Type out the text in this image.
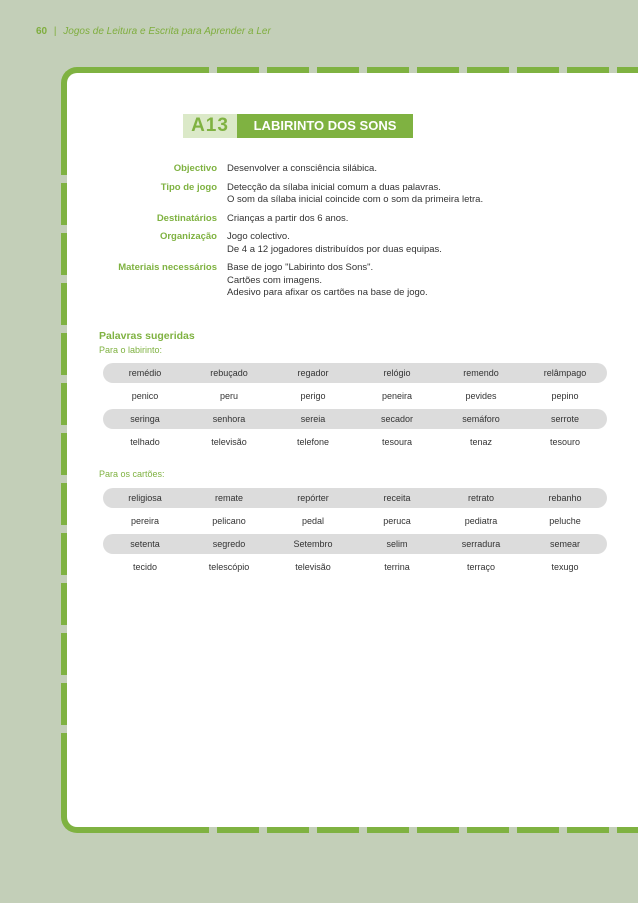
60 | Jogos de Leitura e Escrita para Aprender a Ler
A13	LABIRINTO DOS SONS
Objectivo	Desenvolver a consciência silábica.
Tipo de jogo	Detecção da sílaba inicial comum a duas palavras.
O som da sílaba inicial coincide com o som da primeira letra.
Destinatários	Crianças a partir dos 6 anos.
Organização	Jogo colectivo.
De 4 a 12 jogadores distribuídos por duas equipas.
Materiais necessários	Base de jogo "Labirinto dos Sons".
Cartões com imagens.
Adesivo para afixar os cartões na base de jogo.
Palavras sugeridas
Para o labirinto:
remédio	rebuçado	regador	relógio	remendo	relâmpago
penico	peru	perigo	peneira	pevides	pepino
seringa	senhora	sereia	secador	semáforo	serrote
telhado	televisão	telefone	tesoura	tenaz	tesouro
Para os cartões:
religiosa	remate	repórter	receita	retrato	rebanho
pereira	pelicano	pedal	peruca	pediatra	peluche
setenta	segredo	Setembro	selim	serradura	semear
tecido	telescópio	televisão	terrina	terraço	texugo
